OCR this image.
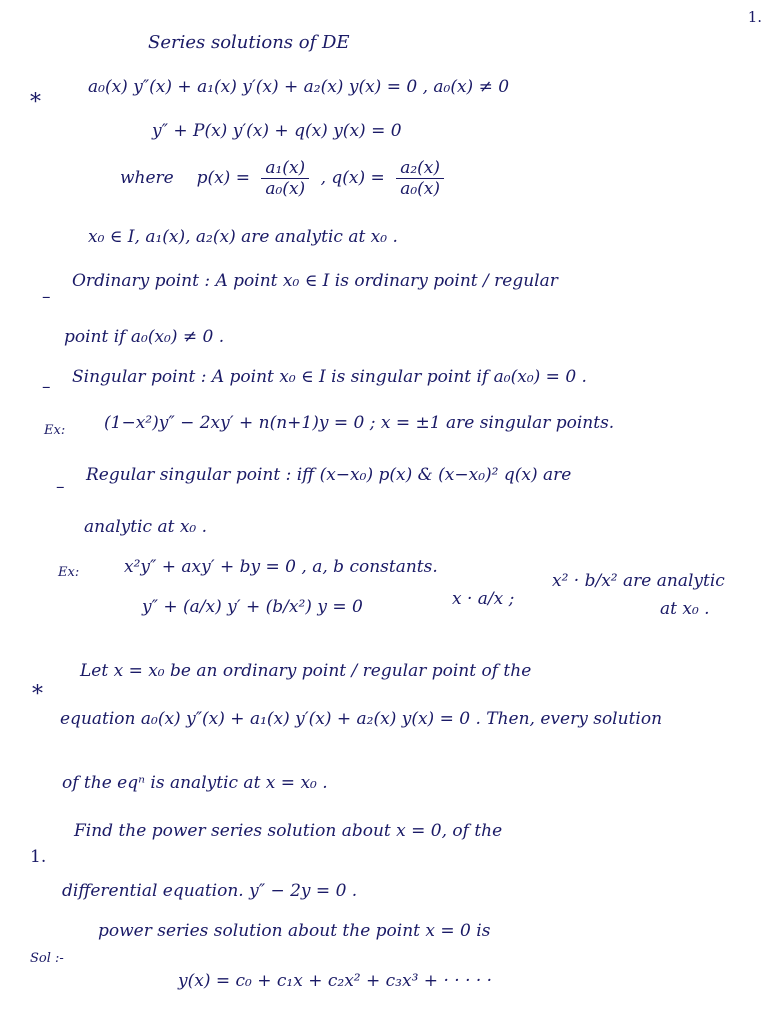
1.
Series solutions of DE
*
a₀(x) y″(x) + a₁(x) y′(x) + a₂(x) y(x) = 0 , a₀(x) ≠ 0
y″ + P(x) y′(x) + q(x) y(x) = 0
where $p(x) = \frac{\text{a₁(x)}}{\text{a₀(x)}}$ , $q(x) = \frac{\text{a₂(x)}}{\text{a₀(x)}}$
x₀ ∈ I, a₁(x), a₂(x) are analytic at x₀ .
–
Ordinary point : A point x₀ ∈ I is ordinary point / regular
point if a₀(x₀) ≠ 0 .
– Singular point : A point x₀ ∈ I is singular point if a₀(x₀) = 0 .
Ex: (1−x²)y″ − 2xy′ + n(n+1)y = 0 ; x = ±1 are singular points.
–
Regular singular point : iff (x−x₀) p(x) & (x−x₀)² q(x) are
analytic at x₀ .
Ex:	x²y″ + axy′ + by = 0 , a, b constants.
y″ + (a/x) y′ + (b/x²) y = 0	x · a/x ;
x² · b/x² are analytic
at x₀ .
*
Let x = x₀ be an ordinary point / regular point of the
equation a₀(x) y″(x) + a₁(x) y′(x) + a₂(x) y(x) = 0 . Then, every solution
of the eqⁿ is analytic at x = x₀ .
1.
Find the power series solution about x = 0, of the
differential equation. y″ − 2y = 0 .
Sol :-
power series solution about the point x = 0 is
y(x) = c₀ + c₁x + c₂x² + c₃x³ + · · · · ·
